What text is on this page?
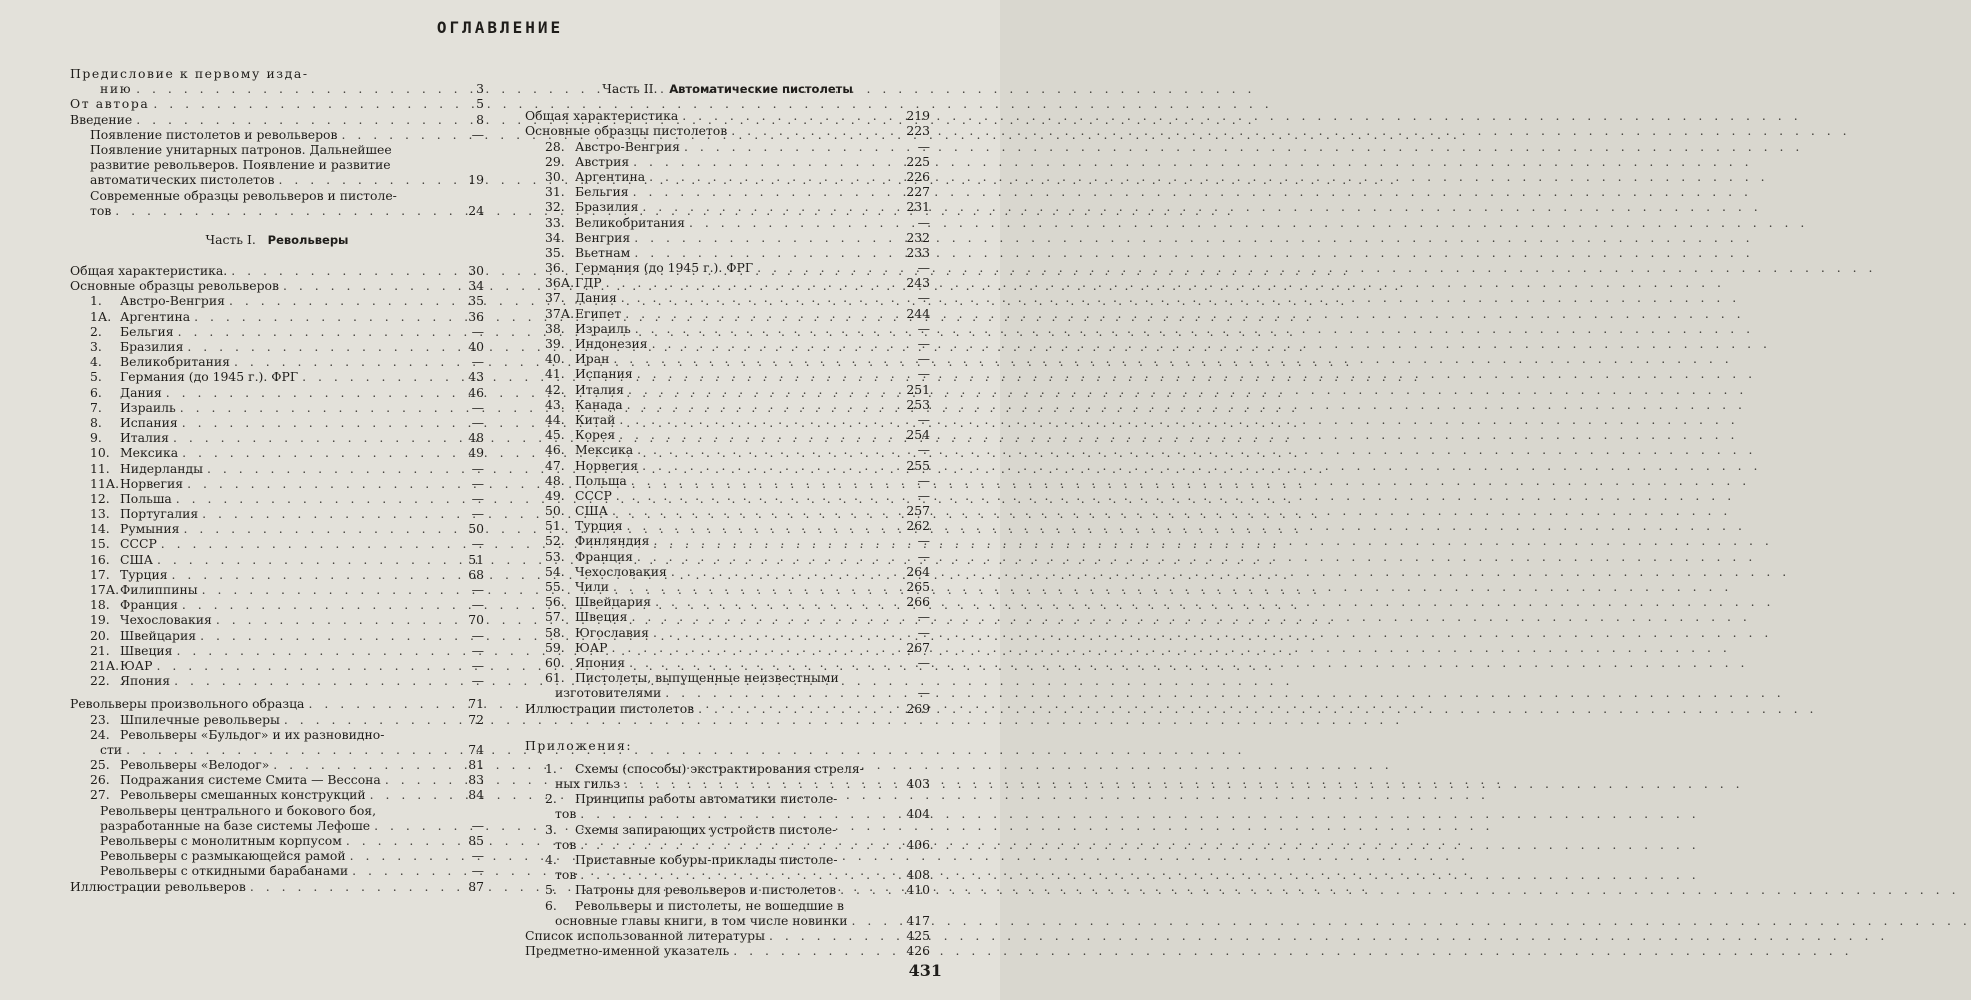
ОГЛАВЛЕНИЕ
Предисловие к первому изда-
нию . . .	3
От автора . . .	5
Введение . . .	8
Появление пистолетов и револьверов . . .	—
Появление унитарных патронов. Дальнейшее
развитие револьверов. Появление и развитие
автоматических пистолетов . . .	19
Современные образцы револьверов и пистоле-
тов . . .	24
Часть I. Револьверы
Общая характеристика. . . .	30
Основные образцы револьверов . . .	34
1. Австро-Венгрия . . .	35
1А. Аргентина . . .	36
2. Бельгия . . .	—
3. Бразилия . . .	40
4. Великобритания . . .	—
5. Германия (до 1945 г.). ФРГ . . .	43
6. Дания . . .	46
7. Израиль . . .	—
8. Испания . . .	—
9. Италия . . .	48
10. Мексика . . .	49
11. Нидерланды . . .	—
11А.Норвегия . . .	—
12. Польша . . .	—
13. Португалия . . .	—
14. Румыния . . .	50
15. СССР . . .	—
16. США . . .	51
17. Турция . . .	68
17А.Филиппины . . .	—
18. Франция . . .	—
19. Чехословакия . . .	70
20. Швейцария . . .	—
21. Швеция . . .	—
21А.ЮАР . . .	—
22. Япония . . .	—
Револьверы произвольного образца . . .	71
23. Шпилечные револьверы . . .	72
24. Револьверы «Бульдог» и их разновидно-
сти . . .	74
25. Револьверы «Велодог» . . .	81
26. Подражания системе Смита — Вессона . . .	83
27. Револьверы смешанных конструкций . . .	84
Револьверы центрального и бокового боя,
разработанные на базе системы Лефоше . . .	—
Револьверы с монолитным корпусом . . .	85
Револьверы с размыкающейся рамой . . .	—
Револьверы с откидными барабанами . . .	—
Иллюстрации револьверов . . .	87
Часть II. Автоматические пистолеты
Общая характеристика . . .	219
Основные образцы пистолетов . . .	223
28. Австро-Венгрия . . .	—
29. Австрия . . .	225
30. Аргентина . . .	226
31. Бельгия . . .	227
32. Бразилия . . .	231
33. Великобритания . . .	—
34. Венгрия . . .	232
35. Вьетнам . . .	233
36. Германия (до 1945 г.). ФРГ . . .	—
36А.ГДР . . .	243
37. Дания . . .	—
37А.Египет . . .	244
38. Израиль . . .	—
39. Индонезия . . .	—
40. Иран . . .	—
41. Испания . . .	—
42. Италия . . .	251
43. Канада . . .	253
44. Китай . . .	—
45. Корея . . .	254
46. Мексика . . .	—
47. Норвегия . . .	255
48. Польша . . .	—
49. СССР . . .	—
50. США . . .	257
51. Турция . . .	262
52. Финляндия . . .	—
53. Франция . . .	—
54. Чехословакия . . .	264
55. Чили . . .	265
56. Швейцария . . .	266
57. Швеция . . .	—
58. Югославия . . .	—
59. ЮАР . . .	267
60. Япония . . .	—
61. Пистолеты, выпущенные неизвестными
изготовителями . . .	—
Иллюстрации пистолетов . . .	269
Приложения:
1. Схемы (способы) экстрактирования стреля-
ных гильз . . .	403
2. Принципы работы автоматики пистоле-
тов . . .	404
3. Схемы запирающих устройств пистоле-
тов . . .	406
4. Приставные кобуры-приклады пистоле-
тов . . .	408
5. Патроны для револьверов и пистолетов . . .	410
6. Револьверы и пистолеты, не вошедшие в
основные главы книги, в том числе новинки . . .	417
Список использованной литературы . . .	425
Предметно-именной указатель . . .	426
431
